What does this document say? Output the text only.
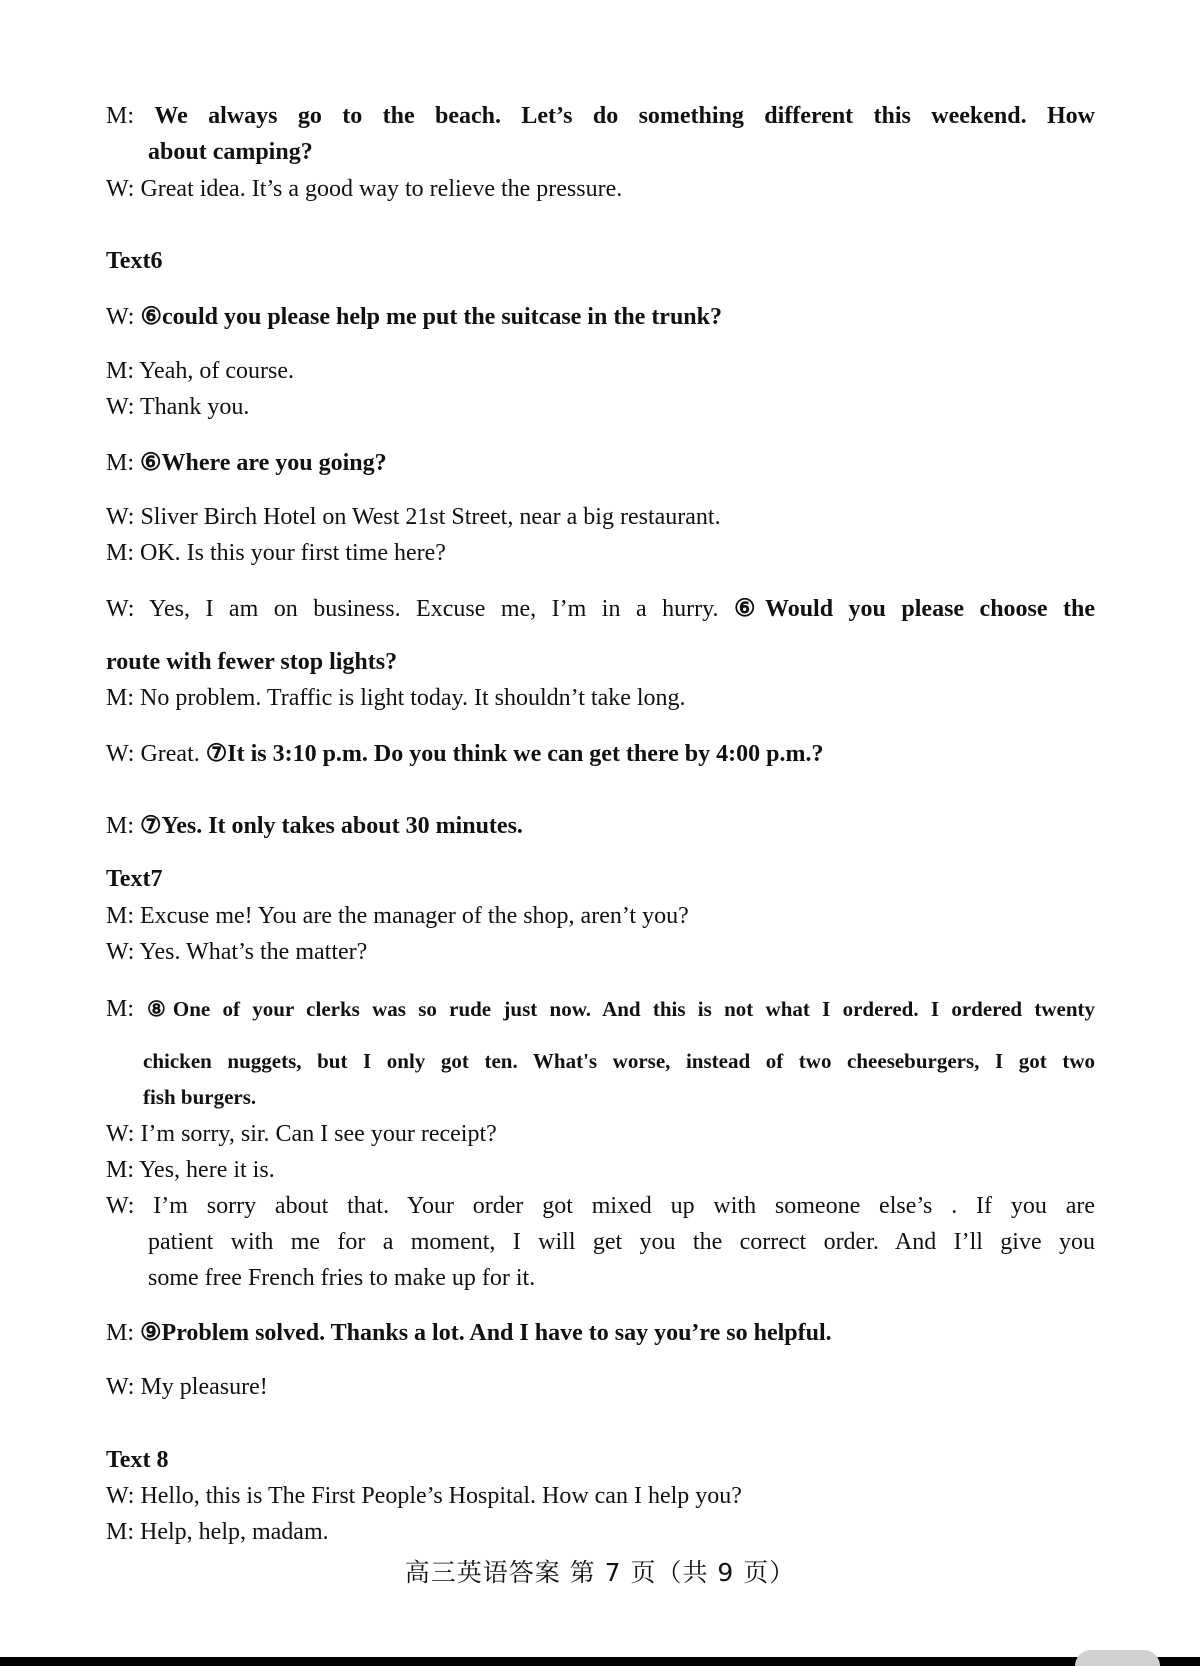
M: We always go to the beach. Let’s do something different this weekend. How
about camping?
W: Great idea. It’s a good way to relieve the pressure.
Text6
W: ⑥could you please help me put the suitcase in the trunk?
M: Yeah, of course.
W: Thank you.
M: ⑥Where are you going?
W: Sliver Birch Hotel on West 21st Street, near a big restaurant.
M: OK. Is this your first time here?
W: Yes, I am on business. Excuse me, I’m in a hurry. ⑥Would you please choose the
route with fewer stop lights?
M: No problem. Traffic is light today. It shouldn’t take long.
W: Great. ⑦It is 3:10 p.m. Do you think we can get there by 4:00 p.m.?
M: ⑦Yes. It only takes about 30 minutes.
Text7
M: Excuse me! You are the manager of the shop, aren’t you?
W: Yes. What’s the matter?
M: ⑧One of your clerks was so rude just now. And this is not what I ordered. I ordered twenty
chicken nuggets, but I only got ten. What's worse, instead of two cheeseburgers, I got two
fish burgers.
W: I’m sorry, sir. Can I see your receipt?
M: Yes, here it is.
W: I’m sorry about that. Your order got mixed up with someone else’s . If you are
patient with me for a moment, I will get you the correct order. And I’ll give you
some free French fries to make up for it.
M: ⑨Problem solved. Thanks a lot. And I have to say you’re so helpful.
W: My pleasure!
Text 8
W: Hello, this is The First People’s Hospital. How can I help you?
M: Help, help, madam.
高三英语答案 第 7 页（共 9 页）
